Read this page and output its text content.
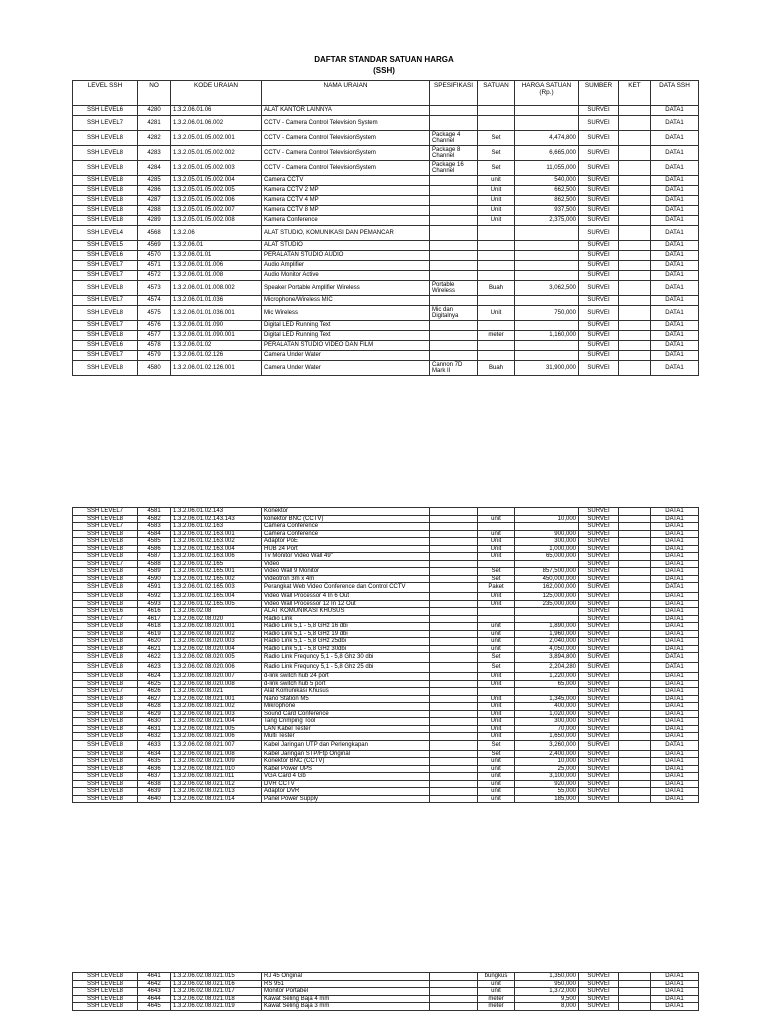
DAFTAR STANDAR SATUAN HARGA
(SSH)
LEVEL SSH	NO	KODE URAIAN	NAMA URAIAN	SPESIFIKASI	SATUAN	HARGA SATUAN (Rp.)	SUMBER	KET	DATA SSH
SSH LEVEL6	4280	1.3.2.06.01.06	ALAT KANTOR LAINNYA				SURVEI		DATA1
SSH LEVEL7	4281	1.3.2.06.01.06.002	CCTV - Camera Control Television System				SURVEI		DATA1
SSH LEVEL8	4282	1.3.2.05.01.05.002.001	CCTV - Camera Control TelevisionSystem	Package 4 Channel	Set	4,474,800	SURVEI		DATA1
SSH LEVEL8	4283	1.3.2.05.01.05.002.002	CCTV - Camera Control TelevisionSystem	Package 8 Channel	Set	6,665,000	SURVEI		DATA1
SSH LEVEL8	4284	1.3.2.05.01.05.002.003	CCTV - Camera Control TelevisionSystem	Package 16 Channel	Set	11,055,000	SURVEI		DATA1
SSH LEVEL8	4285	1.3.2.05.01.05.002.004	Camera CCTV		unit	540,000	SURVEI		DATA1
SSH LEVEL8	4286	1.3.2.05.01.05.002.005	Kamera CCTV 2 MP		Unit	662,500	SURVEI		DATA1
SSH LEVEL8	4287	1.3.2.05.01.05.002.006	Kamera CCTV 4 MP		Unit	862,500	SURVEI		DATA1
SSH LEVEL8	4288	1.3.2.05.01.05.002.007	Kamera CCTV 8 MP		Unit	937,500	SURVEI		DATA1
SSH LEVEL8	4289	1.3.2.05.01.05.002.008	Kamera Conference		Unit	2,375,000	SURVEI		DATA1
SSH LEVEL4	4568	1.3.2.06	ALAT STUDIO, KOMUNIKASI DAN PEMANCAR				SURVEI		DATA1
SSH LEVEL5	4569	1.3.2.06.01	ALAT STUDIO				SURVEI		DATA1
SSH LEVEL6	4570	1.3.2.06.01.01	PERALATAN STUDIO AUDIO				SURVEI		DATA1
SSH LEVEL7	4571	1.3.2.06.01.01.006	Audio Amplifier				SURVEI		DATA1
SSH LEVEL7	4572	1.3.2.06.01.01.008	Audio Monitor Active				SURVEI		DATA1
SSH LEVEL8	4573	1.3.2.06.01.01.008.002	Speaker Portable Amplifier Wireless	Portable Wireless	Buah	3,062,500	SURVEI		DATA1
SSH LEVEL7	4574	1.3.2.06.01.01.036	Microphone/Wireless MIC				SURVEI		DATA1
SSH LEVEL8	4575	1.3.2.06.01.01.036.001	Mic Wireless	Mic dan Digitalnya	Unit	750,000	SURVEI		DATA1
SSH LEVEL7	4576	1.3.2.06.01.01.090	Digital LED Running Text				SURVEI		DATA1
SSH LEVEL8	4577	1.3.2.06.01.01.090.001	Digital LED Running Text		meter	1,160,000	SURVEI		DATA1
SSH LEVEL6	4578	1.3.2.06.01.02	PERALATAN STUDIO VIDEO DAN FILM				SURVEI		DATA1
SSH LEVEL7	4579	1.3.2.06.01.02.126	Camera Under Water				SURVEI		DATA1
SSH LEVEL8	4580	1.3.2.06.01.02.126.001	Camera Under Water	Cannon 7D Mark II	Buah	31,900,000	SURVEI		DATA1
SSH LEVEL7	4581	1.3.2.06.01.02.143	Konektor				SURVEI		DATA1
SSH LEVEL8	4582	1.3.2.06.01.02.143.143	konektor BNC (CCTV)		unit	10,000	SURVEI		DATA1
SSH LEVEL7	4583	1.3.2.06.01.02.163	Camera Conference				SURVEI		DATA1
SSH LEVEL8	4584	1.3.2.06.01.02.163.001	Camera Conference		unit	900,000	SURVEI		DATA1
SSH LEVEL8	4585	1.3.2.06.01.02.163.002	Adaptor PoE		Unit	300,000	SURVEI		DATA1
SSH LEVEL8	4586	1.3.2.06.01.02.163.004	HUB 24 Port		Unit	1,000,000	SURVEI		DATA1
SSH LEVEL8	4587	1.3.2.06.01.02.163.006	Tv Monitor Video Wall 49"		Unit	65,000,000	SURVEI		DATA1
SSH LEVEL7	4588	1.3.2.06.01.02.165	Video				SURVEI		DATA1
SSH LEVEL8	4589	1.3.2.06.01.02.165.001	Video Wall 9 Monitor		Set	857,500,000	SURVEI		DATA1
SSH LEVEL8	4590	1.3.2.06.01.02.165.002	Videotron 3m x 4m		Set	450,000,000	SURVEI		DATA1
SSH LEVEL8	4591	1.3.2.06.01.02.165.003	Perangkat Web Video Conference dan Control CCTV		Paket	162,000,000	SURVEI		DATA1
SSH LEVEL8	4592	1.3.2.06.01.02.165.004	Video Wall Processor 4 In 6 Out		Unit	125,000,000	SURVEI		DATA1
SSH LEVEL8	4593	1.3.2.06.01.02.165.005	Video Wall Processor 12 In 12 Out		Unit	235,000,000	SURVEI		DATA1
SSH LEVEL6	4616	1.3.2.06.02.08	ALAT KOMUNIKASI KHUSUS				SURVEI		DATA1
SSH LEVEL7	4617	1.3.2.06.02.08.020	Radio Link				SURVEI		DATA1
SSH LEVEL8	4618	1.3.2.06.02.08.020.001	Radio Link 5,1 - 5,8 GHz 16 dbi		unit	1,890,000	SURVEI		DATA1
SSH LEVEL8	4619	1.3.2.06.02.08.020.002	Radio Link 5,1 - 5,8 GHz 19 dbi		unit	1,960,000	SURVEI		DATA1
SSH LEVEL8	4620	1.3.2.06.02.08.020.003	Radio Link 5,1 - 5,8 GHz 25dbi		unit	2,040,000	SURVEI		DATA1
SSH LEVEL8	4621	1.3.2.06.02.08.020.004	Radio Link 5,1 - 5,8 GHz 30dbi		unit	4,050,000	SURVEI		DATA1
SSH LEVEL8	4622	1.3.2.06.02.08.020.005	Radio Link Frequncy 5,1 - 5,8 Ghz 30 dbi		Set	3,894,800	SURVEI		DATA1
SSH LEVEL8	4623	1.3.2.06.02.08.020.006	Radio Link Frequncy 5,1 - 5,8 Ghz 25 dbi		Set	2,204,280	SURVEI		DATA1
SSH LEVEL8	4624	1.3.2.06.02.08.020.007	d-link switch hub 24 port		Unit	1,220,000	SURVEI		DATA1
SSH LEVEL8	4625	1.3.2.06.02.08.020.008	d-link switch hub 5 port		Unit	65,000	SURVEI		DATA1
SSH LEVEL7	4626	1.3.2.06.02.08.021	Alat Komunikasi Khusus				SURVEI		DATA1
SSH LEVEL8	4627	1.3.2.06.02.08.021.001	Nano Station M5		Unit	1,345,000	SURVEI		DATA1
SSH LEVEL8	4628	1.3.2.06.02.08.021.002	Mikrophone		Unit	400,000	SURVEI		DATA1
SSH LEVEL8	4629	1.3.2.06.02.08.021.003	Sound Card Conference		Unit	1,020,000	SURVEI		DATA1
SSH LEVEL8	4630	1.3.2.06.02.08.021.004	Tang Crimping Tool		Unit	300,000	SURVEI		DATA1
SSH LEVEL8	4631	1.3.2.06.02.08.021.005	LAN Kabel Tester		Unit	70,000	SURVEI		DATA1
SSH LEVEL8	4632	1.3.2.06.02.08.021.006	Multi Tester		Unit	1,650,000	SURVEI		DATA1
SSH LEVEL8	4633	1.3.2.06.02.08.021.007	Kabel Jaringan UTP dan Perlengkapan		Set	3,260,000	SURVEI		DATA1
SSH LEVEL8	4634	1.3.2.06.02.08.021.008	Kabel Jaringan STP/Ftp Original		Set	2,400,000	SURVEI		DATA1
SSH LEVEL8	4635	1.3.2.06.02.08.021.009	Konektor BNC (CCTV)		unit	10,000	SURVEI		DATA1
SSH LEVEL8	4636	1.3.2.06.02.08.021.010	Kabel Power UPS		unit	25,000	SURVEI		DATA1
SSH LEVEL8	4637	1.3.2.06.02.08.021.011	VGA Card 4 Gb		unit	3,100,000	SURVEI		DATA1
SSH LEVEL8	4638	1.3.2.06.02.08.021.012	DVR CCTV		unit	920,000	SURVEI		DATA1
SSH LEVEL8	4639	1.3.2.06.02.08.021.013	Adaptor DVR		unit	55,000	SURVEI		DATA1
SSH LEVEL8	4640	1.3.2.06.02.08.021.014	Panel Power Supply		unit	185,000	SURVEI		DATA1
SSH LEVEL8	4641	1.3.2.06.02.08.021.015	RJ 45 Original		bungkus	1,350,000	SURVEI		DATA1
SSH LEVEL8	4642	1.3.2.06.02.08.021.016	RS 951		unit	950,000	SURVEI		DATA1
SSH LEVEL8	4643	1.3.2.06.02.08.021.017	Monitor Portabel		unit	1,372,000	SURVEI		DATA1
SSH LEVEL8	4644	1.3.2.06.02.08.021.018	Kawat Seling Baja 4 mm		meter	9,500	SURVEI		DATA1
SSH LEVEL8	4645	1.3.2.06.02.08.021.019	Kawat Seling Baja 3 mm		meter	8,000	SURVEI		DATA1
